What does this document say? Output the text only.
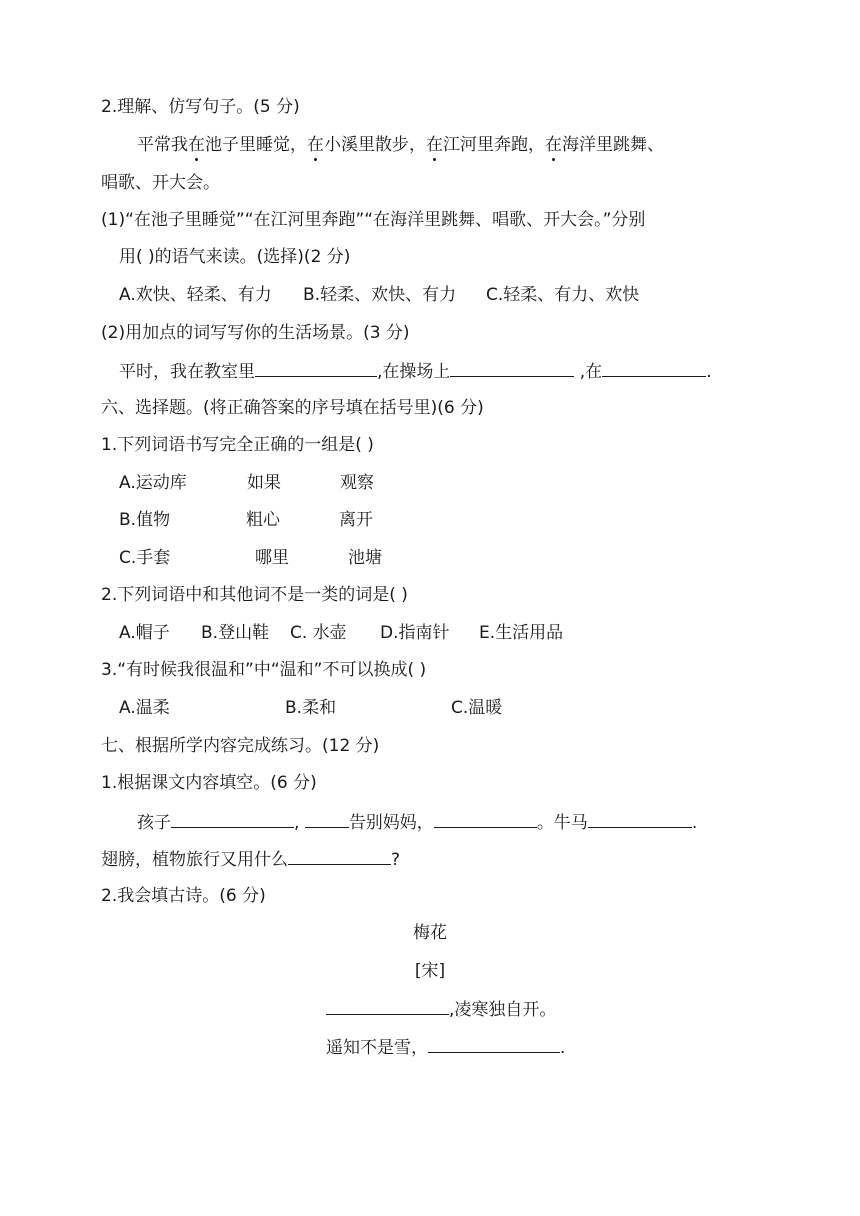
2.理解、仿写句子。(5 分)
平常我在池子里睡觉，在小溪里散步，在江河里奔跑，在海洋里跳舞、
唱歌、开大会。
(1)“在池子里睡觉”“在江河里奔跑”“在海洋里跳舞、唱歌、开大会。”分别
用( )的语气来读。(选择)(2 分)
A.欢快、轻柔、有力 B.轻柔、欢快、有力 C.轻柔、有力、欢快
(2)用加点的词写写你的生活场景。(3 分)
平时，我在教室里	,在操场上	,在	.
六、选择题。(将正确答案的序号填在括号里)(6 分)
1.下列词语书写完全正确的一组是( )
A.运动库	如果	观察
B.值物	粗心	离开
C.手套	哪里	池塘
2.下列词语中和其他词不是一类的词是( )
A.帽子 B.登山鞋 C. 水壶 D.指南针 E.生活用品
3.“有时候我很温和”中“温和”不可以换成( )
A.温柔	B.柔和	C.温暖
七、根据所学内容完成练习。(12 分)
1.根据课文内容填空。(6 分)
孩子	,	告别妈妈，	。牛马	.
翅膀，植物旅行又用什么	?
2.我会填古诗。(6 分)
梅花
[宋]
,凌寒独自开。
遥知不是雪，	.
